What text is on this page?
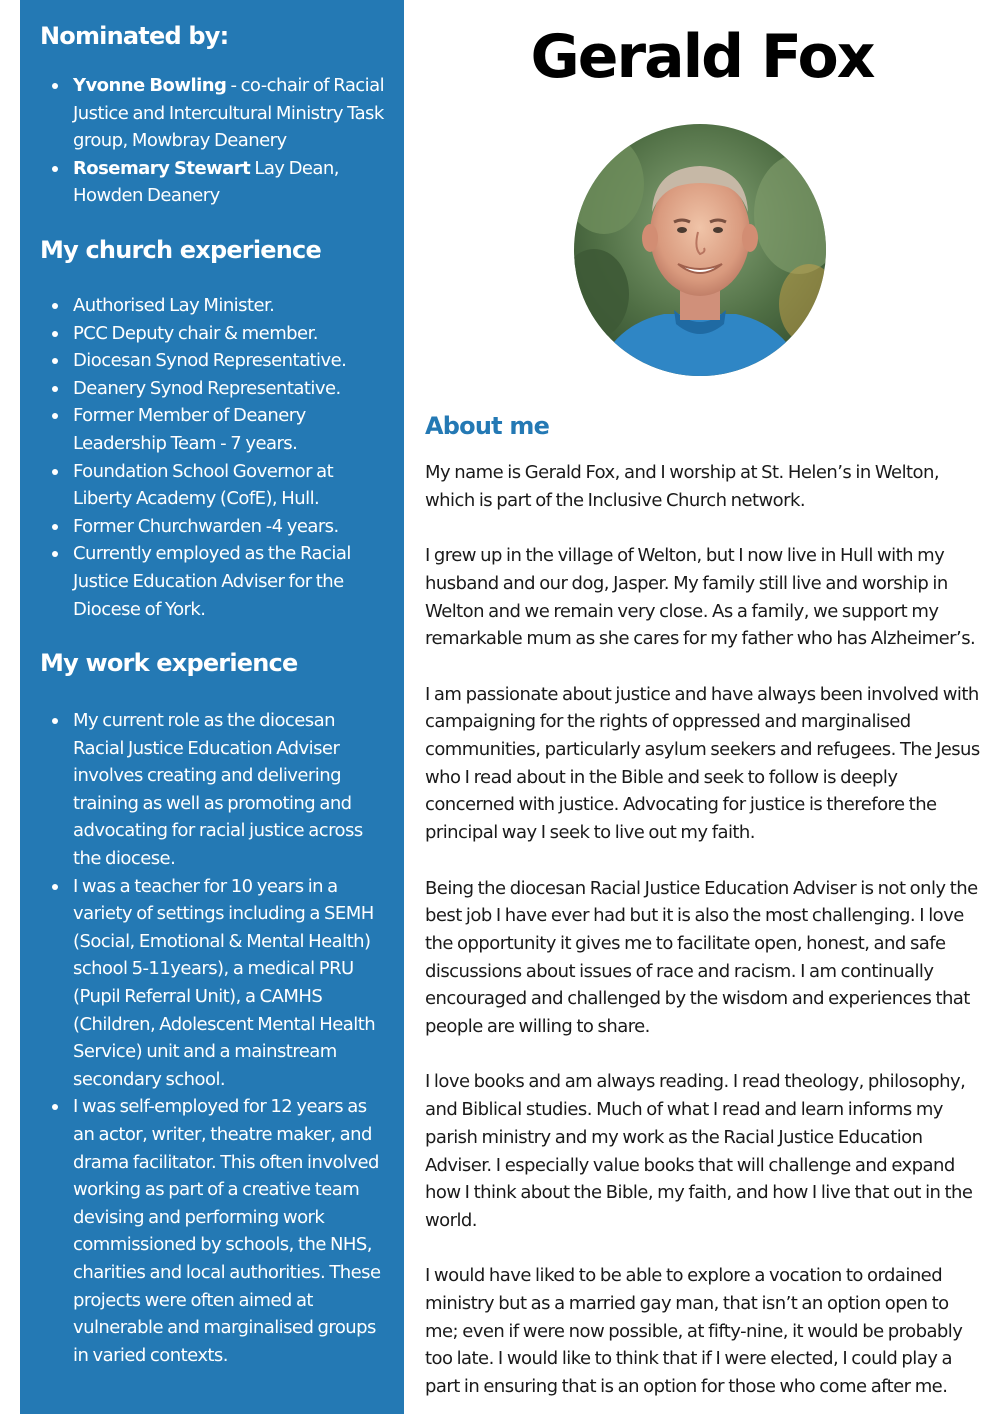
Nominated by:
Yvonne Bowling - co-chair of Racial Justice and Intercultural Ministry Task group, Mowbray Deanery
Rosemary Stewart Lay Dean, Howden Deanery
My church experience
Authorised Lay Minister.
PCC Deputy chair & member.
Diocesan Synod Representative.
Deanery Synod Representative.
Former Member of Deanery Leadership Team - 7 years.
Foundation School Governor at Liberty Academy (CofE), Hull.
Former Churchwarden -4 years.
Currently employed as the Racial Justice Education Adviser for the Diocese of York.
My work experience
My current role as the diocesan Racial Justice Education Adviser involves creating and delivering training as well as promoting and advocating for racial justice across the diocese.
I was a teacher for 10 years in a variety of settings including a SEMH (Social, Emotional & Mental Health) school 5-11years), a medical PRU (Pupil Referral Unit), a CAMHS (Children, Adolescent Mental Health Service) unit and a mainstream secondary school.
I was self-employed for 12 years as an actor, writer, theatre maker, and drama facilitator. This often involved working as part of a creative team devising and performing work commissioned by schools, the NHS, charities and local authorities. These projects were often aimed at vulnerable and marginalised groups in varied contexts.
Gerald Fox
About me

My name is Gerald Fox, and I worship at St. Helen’s in Welton, which is part of the Inclusive Church network.

I grew up in the village of Welton, but I now live in Hull with my husband and our dog, Jasper. My family still live and worship in Welton and we remain very close. As a family, we support my remarkable mum as she cares for my father who has Alzheimer’s.

I am passionate about justice and have always been involved with campaigning for the rights of oppressed and marginalised communities, particularly asylum seekers and refugees. The Jesus who I read about in the Bible and seek to follow is deeply concerned with justice. Advocating for justice is therefore the principal way I seek to live out my faith.

Being the diocesan Racial Justice Education Adviser is not only the best job I have ever had but it is also the most challenging. I love the opportunity it gives me to facilitate open, honest, and safe discussions about issues of race and racism. I am continually encouraged and challenged by the wisdom and experiences that people are willing to share.

I love books and am always reading. I read theology, philosophy, and Biblical studies. Much of what I read and learn informs my parish ministry and my work as the Racial Justice Education Adviser. I especially value books that will challenge and expand how I think about the Bible, my faith, and how I live that out in the world.

I would have liked to be able to explore a vocation to ordained ministry but as a married gay man, that isn’t an option open to me; even if were now possible, at fifty-nine, it would be probably too late. I would like to think that if I were elected, I could play a part in ensuring that is an option for those who come after me.
